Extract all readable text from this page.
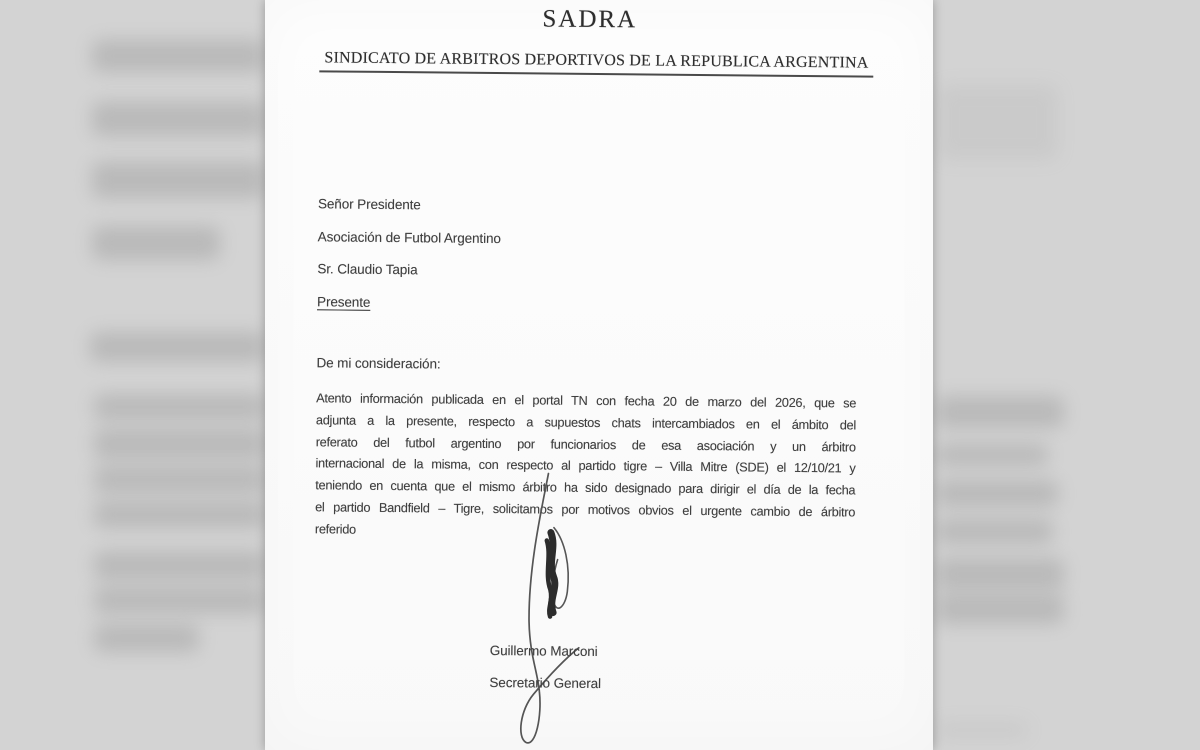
SADRA

SINDICATO DE ARBITROS DEPORTIVOS DE LA REPUBLICA ARGENTINA
Señor Presidente
Asociación de Futbol Argentino
Sr. Claudio Tapia
Presente
De mi consideración:
Atento información publicada en el portal TN con fecha 20 de marzo del 2026, que se
adjunta a la presente, respecto a supuestos chats intercambiados en el ámbito del
referato del futbol argentino por funcionarios de esa asociación y un árbitro
internacional de la misma, con respecto al partido tigre – Villa Mitre (SDE) el 12/10/21 y
teniendo en cuenta que el mismo árbitro ha sido designado para dirigir el día de la fecha
el partido Bandfield – Tigre, solicitamos por motivos obvios el urgente cambio de árbitro
referido
Guillermo Marconi
Secretario General
